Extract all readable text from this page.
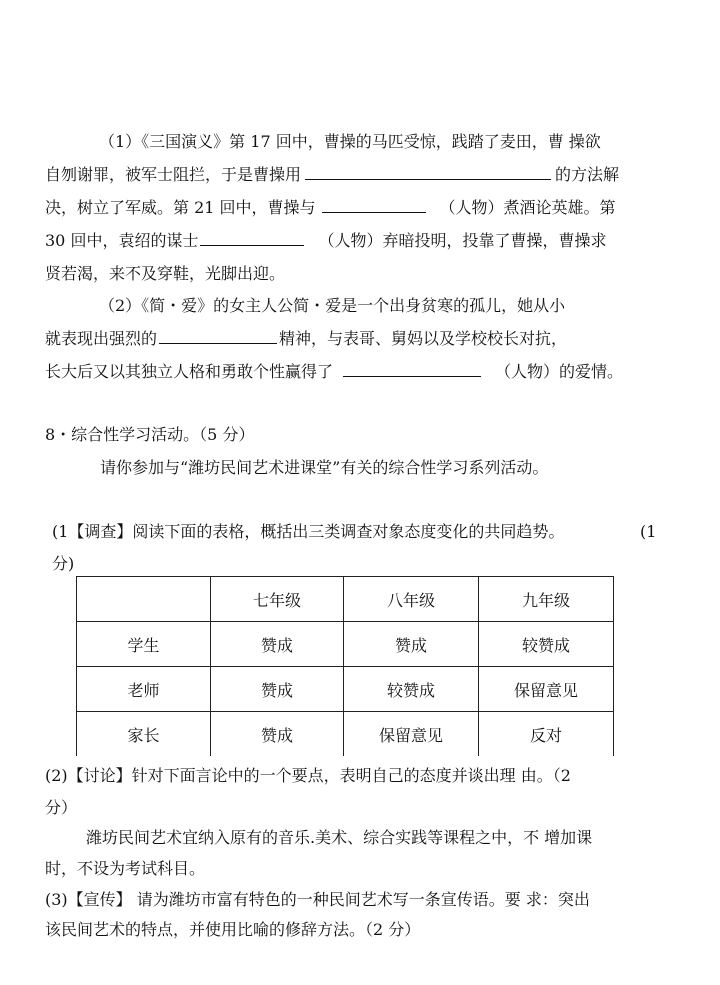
（1）《三国演义》第 17 回中，曹操的马匹受惊，践踏了麦田，曹 操欲
自刎谢罪，被军士阻拦，于是曹操用	的方法解
决，树立了军威。第 21 回中，曹操与	（人物）煮酒论英雄。第
30 回中，袁绍的谋士	（人物）弃暗投明，投靠了曹操，曹操求
贤若渴，来不及穿鞋，光脚出迎。
（2）《简・爱》的女主人公简・爱是一个出身贫寒的孤儿，她从小
就表现出强烈的	精神，与表哥、舅妈以及学校校长对抗，
长大后又以其独立人格和勇敢个性赢得了	（人物）的爱情。
8・综合性学习活动。（5 分）
请你参加与“潍坊民间艺术进课堂”有关的综合性学习系列活动。
(1【调查】阅读下面的表格，概括出三类调查对象态度变化的共同趋势。	(1
分)
	七年级	八年级	九年级
学生	赞成	赞成	较赞成
老师	赞成	较赞成	保留意见
家长	赞成	保留意见	反对
(2)【讨论】针对下面言论中的一个要点，表明自己的态度并谈出理 由。（2
分）
潍坊民间艺术宜纳入原有的音乐.美术、综合实践等课程之中，不 增加课
时，不设为考试科目。
(3)【宣传】 请为潍坊市富有特色的一种民间艺术写一条宣传语。要 求：突出
该民间艺术的特点，并使用比喻的修辞方法。（2 分）
